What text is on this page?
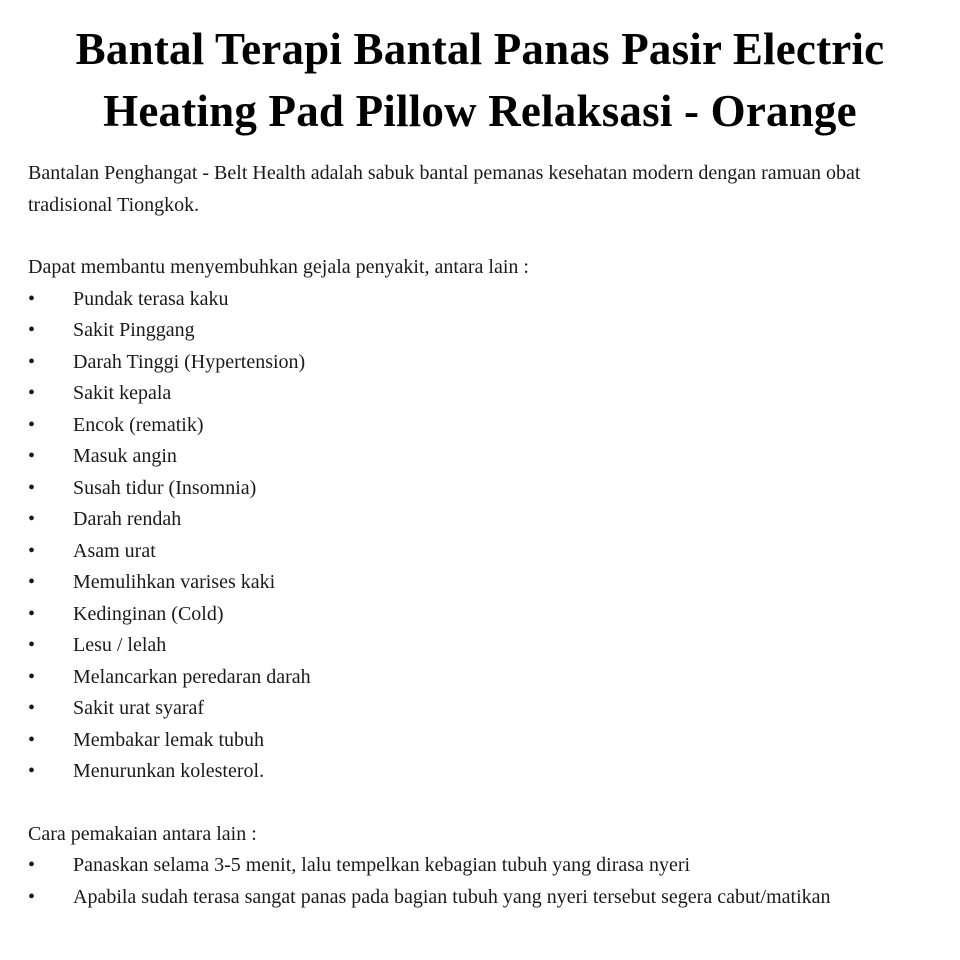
Bantal Terapi Bantal Panas Pasir Electric Heating Pad Pillow Relaksasi - Orange

Bantalan Penghangat - Belt Health adalah sabuk bantal pemanas kesehatan modern dengan ramuan obat tradisional Tiongkok.

Dapat membantu menyembuhkan gejala penyakit, antara lain :

•	Pundak terasa kaku
•	Sakit Pinggang
•	Darah Tinggi (Hypertension)
•	Sakit kepala
•	Encok (rematik)
•	Masuk angin
•	Susah tidur (Insomnia)
•	Darah rendah
•	Asam urat
•	Memulihkan varises kaki
•	Kedinginan (Cold)
•	Lesu / lelah
•	Melancarkan peredaran darah
•	Sakit urat syaraf
•	Membakar lemak tubuh
•	Menurunkan kolesterol.

Cara pemakaian antara lain :

•	Panaskan selama 3-5 menit, lalu tempelkan kebagian tubuh yang dirasa nyeri
•	Apabila sudah terasa sangat panas pada bagian tubuh yang nyeri tersebut segera cabut/matikan
